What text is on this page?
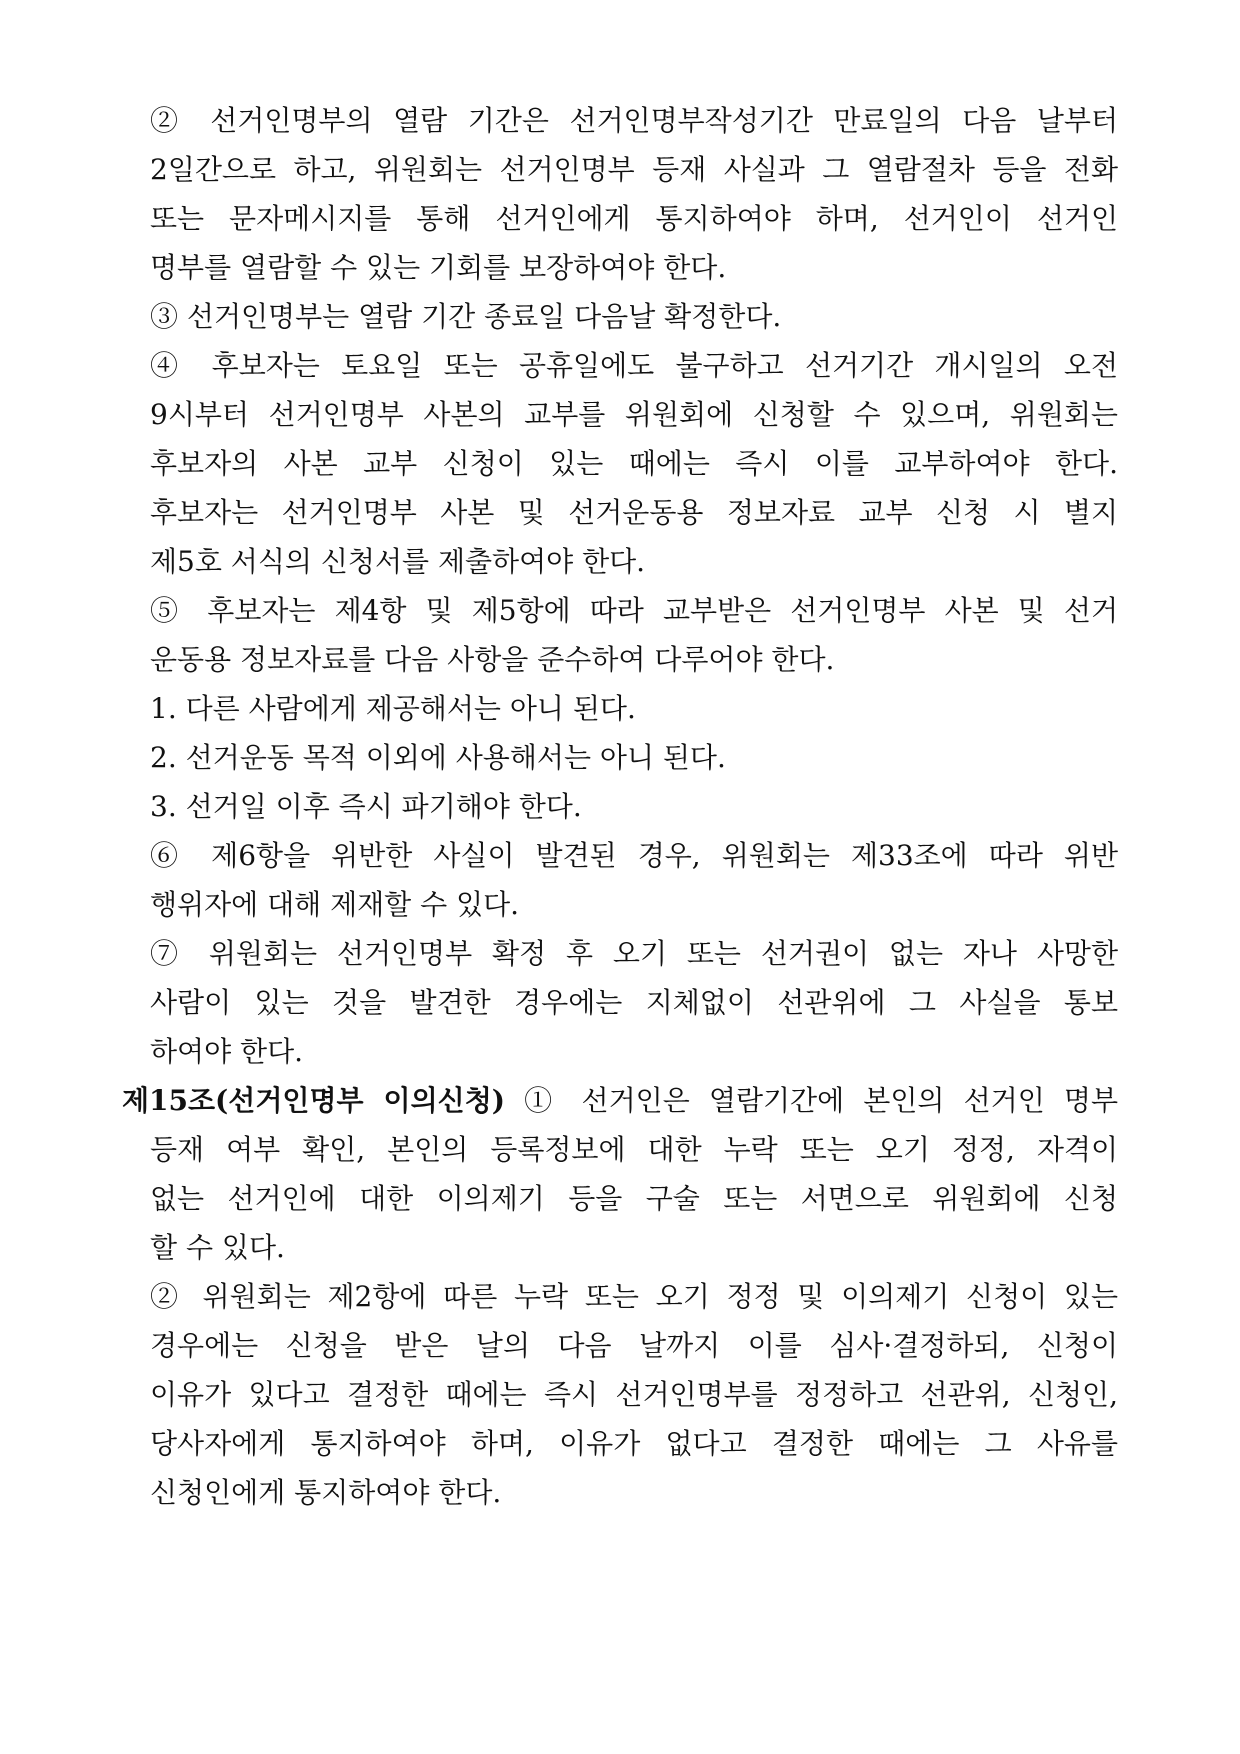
② 선거인명부의 열람 기간은 선거인명부작성기간 만료일의 다음 날부터
2일간으로 하고, 위원회는 선거인명부 등재 사실과 그 열람절차 등을 전화
또는 문자메시지를 통해 선거인에게 통지하여야 하며, 선거인이 선거인
명부를 열람할 수 있는 기회를 보장하여야 한다.
③ 선거인명부는 열람 기간 종료일 다음날 확정한다.
④ 후보자는 토요일 또는 공휴일에도 불구하고 선거기간 개시일의 오전
9시부터 선거인명부 사본의 교부를 위원회에 신청할 수 있으며, 위원회는
후보자의 사본 교부 신청이 있는 때에는 즉시 이를 교부하여야 한다.
후보자는 선거인명부 사본 및 선거운동용 정보자료 교부 신청 시 별지
제5호 서식의 신청서를 제출하여야 한다.
⑤ 후보자는 제4항 및 제5항에 따라 교부받은 선거인명부 사본 및 선거
운동용 정보자료를 다음 사항을 준수하여 다루어야 한다.
1. 다른 사람에게 제공해서는 아니 된다.
2. 선거운동 목적 이외에 사용해서는 아니 된다.
3. 선거일 이후 즉시 파기해야 한다.
⑥ 제6항을 위반한 사실이 발견된 경우, 위원회는 제33조에 따라 위반
행위자에 대해 제재할 수 있다.
⑦ 위원회는 선거인명부 확정 후 오기 또는 선거권이 없는 자나 사망한
사람이 있는 것을 발견한 경우에는 지체없이 선관위에 그 사실을 통보
하여야 한다.
제15조(선거인명부 이의신청) ① 선거인은 열람기간에 본인의 선거인 명부
등재 여부 확인, 본인의 등록정보에 대한 누락 또는 오기 정정, 자격이
없는 선거인에 대한 이의제기 등을 구술 또는 서면으로 위원회에 신청
할 수 있다.
② 위원회는 제2항에 따른 누락 또는 오기 정정 및 이의제기 신청이 있는
경우에는 신청을 받은 날의 다음 날까지 이를 심사·결정하되, 신청이
이유가 있다고 결정한 때에는 즉시 선거인명부를 정정하고 선관위, 신청인,
당사자에게 통지하여야 하며, 이유가 없다고 결정한 때에는 그 사유를
신청인에게 통지하여야 한다.
